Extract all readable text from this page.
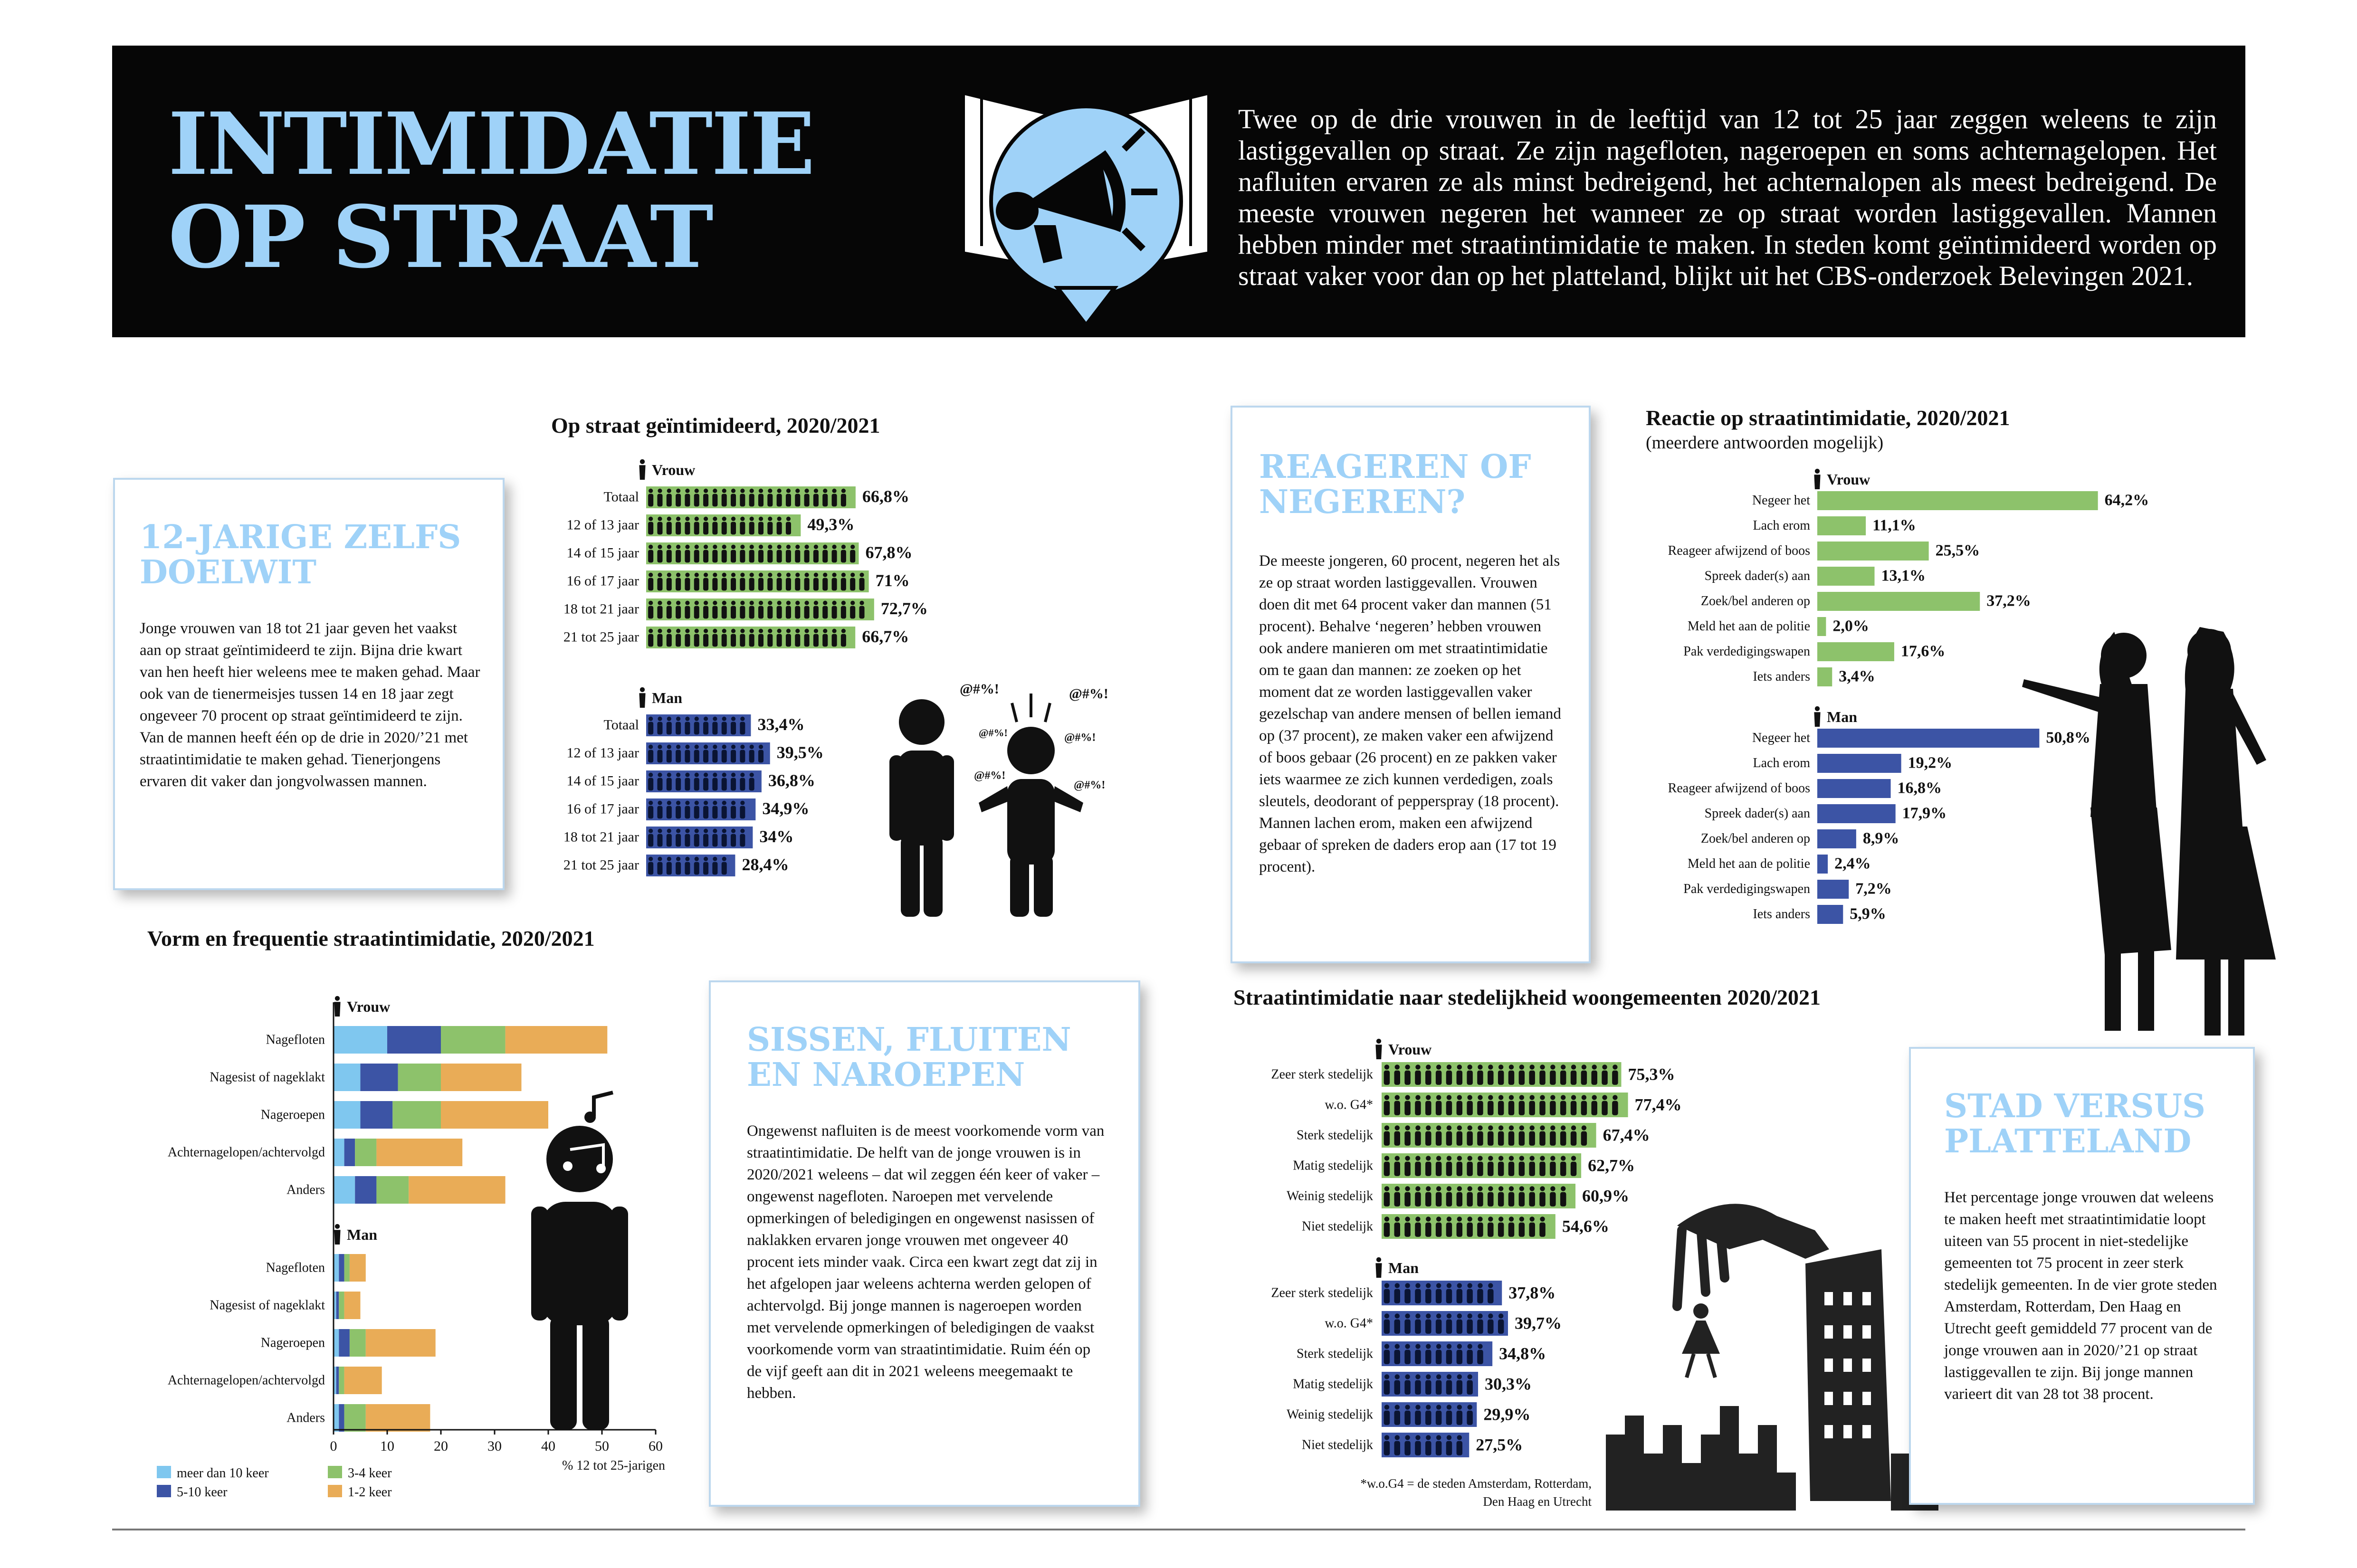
INTIMIDATIE
OP STRAAT
Twee op de drie vrouwen in de leeftijd van 12 tot 25 jaar zeggen weleens te zijn lastiggevallen op straat. Ze zijn nagefloten, nageroepen en soms achternagelopen. Het nafluiten ervaren ze als minst bedreigend, het achternalopen als meest bedreigend. De meeste vrouwen negeren het wanneer ze op straat worden lastiggevallen. Mannen hebben minder met straatintimidatie te maken. In steden komt geïntimideerd worden op straat vaker voor dan op het platteland, blijkt uit het CBS-onderzoek Belevingen 2021.
12-JARIGE ZELFS DOELWIT

Jonge vrouwen van 18 tot 21 jaar geven het vaakst aan op straat geïntimideerd te zijn. Bijna drie kwart van hen heeft hier weleens mee te maken gehad. Maar ook van de tienermeisjes tussen 14 en 18 jaar zegt ongeveer 70 procent op straat geïntimideerd te zijn. Van de mannen heeft één op de drie in 2020/’21 met straatintimidatie te maken gehad. Tienerjongens ervaren dit vaker dan jongvolwassen mannen.

Op straat geïntimideerd, 2020/2021
Vrouw
Totaal	66,8%
12 of 13 jaar	49,3%
14 of 15 jaar	67,8%
16 of 17 jaar	71%
18 tot 21 jaar	72,7%
21 tot 25 jaar	66,7%
Man
Totaal	33,4%
12 of 13 jaar	39,5%
14 of 15 jaar	36,8%
16 of 17 jaar	34,9%
18 tot 21 jaar	34%
21 tot 25 jaar	28,4%
@#%!	@#%!
@#%!	@#%!
@#%!
@#%!
REAGEREN OF NEGEREN?

De meeste jongeren, 60 procent, negeren het als ze op straat worden lastiggevallen. Vrouwen doen dit met 64 procent vaker dan mannen (51 procent). Behalve ‘negeren’ hebben vrouwen ook andere manieren om met straatintimidatie om te gaan dan mannen: ze zoeken op het moment dat ze worden lastiggevallen vaker gezelschap van andere mensen of bellen iemand op (37 procent), ze maken vaker een afwijzend of boos gebaar (26 procent) en ze pakken vaker iets waarmee ze zich kunnen verdedigen, zoals sleutels, deodorant of pepperspray (18 procent). Mannen lachen erom, maken een afwijzend gebaar of spreken de daders erop aan (17 tot 19 procent).

Reactie op straatintimidatie, 2020/2021
(meerdere antwoorden mogelijk)
Vrouw
Negeer het	64,2%
Lach erom	11,1%
Reageer afwijzend of boos	25,5%
Spreek dader(s) aan	13,1%
Zoek/bel anderen op	37,2%
Meld het aan de politie 2,0%
Pak verdedigingswapen	17,6%
Iets anders 3,4%
Man
Negeer het	50,8%
Lach erom	19,2%
Reageer afwijzend of boos	16,8%
Spreek dader(s) aan	17,9%
Zoek/bel anderen op	8,9%
Meld het aan de politie 2,4%
Pak verdedigingswapen	7,2%
Iets anders 5,9%
Vorm en frequentie straatintimidatie, 2020/2021
Vrouw
Nagefloten
Nagesist of nageklakt
Nageroepen
Achternagelopen/achtervolgd
Anders
Man
Nagefloten
Nagesist of nageklakt
Nageroepen
Achternagelopen/achtervolgd
Anders
0	10	20	30	40	50	60
% 12 tot 25-jarigen
meer dan 10 keer
5-10 keer
3-4 keer
1-2 keer
SISSEN, FLUITEN EN NAROEPEN

Ongewenst nafluiten is de meest voorkomende vorm van straatintimidatie. De helft van de jonge vrouwen is in 2020/2021 weleens – dat wil zeggen één keer of vaker – ongewenst nagefloten. Naroepen met vervelende opmerkingen of beledigingen en ongewenst nasissen of naklakken ervaren jonge vrouwen met ongeveer 40 procent iets minder vaak. Circa een kwart zegt dat zij in het afgelopen jaar weleens achterna werden gelopen of achtervolgd. Bij jonge mannen is nageroepen worden met vervelende opmerkingen of beledigingen de vaakst voorkomende vorm van straatintimidatie. Ruim één op de vijf geeft aan dit in 2021 weleens meegemaakt te hebben.

Straatintimidatie naar stedelijkheid woongemeenten 2020/2021
Vrouw
Zeer sterk stedelijk	75,3%
w.o. G4*	77,4%
Sterk stedelijk	67,4%
Matig stedelijk	62,7%
Weinig stedelijk	60,9%
Niet stedelijk	54,6%
Man
Zeer sterk stedelijk	37,8%
w.o. G4*	39,7%
Sterk stedelijk	34,8%
Matig stedelijk	30,3%
Weinig stedelijk	29,9%
Niet stedelijk	27,5%
*w.o.G4 = de steden Amsterdam, Rotterdam,
Den Haag en Utrecht
STAD VERSUS PLATTELAND

Het percentage jonge vrouwen dat weleens te maken heeft met straatintimidatie loopt uiteen van 55 procent in niet-stedelijke gemeenten tot 75 procent in zeer sterk stedelijk gemeenten. In de vier grote steden Amsterdam, Rotterdam, Den Haag en Utrecht geeft gemiddeld 77 procent van de jonge vrouwen aan in 2020/’21 op straat lastiggevallen te zijn. Bij jonge mannen varieert dit van 28 tot 38 procent.
